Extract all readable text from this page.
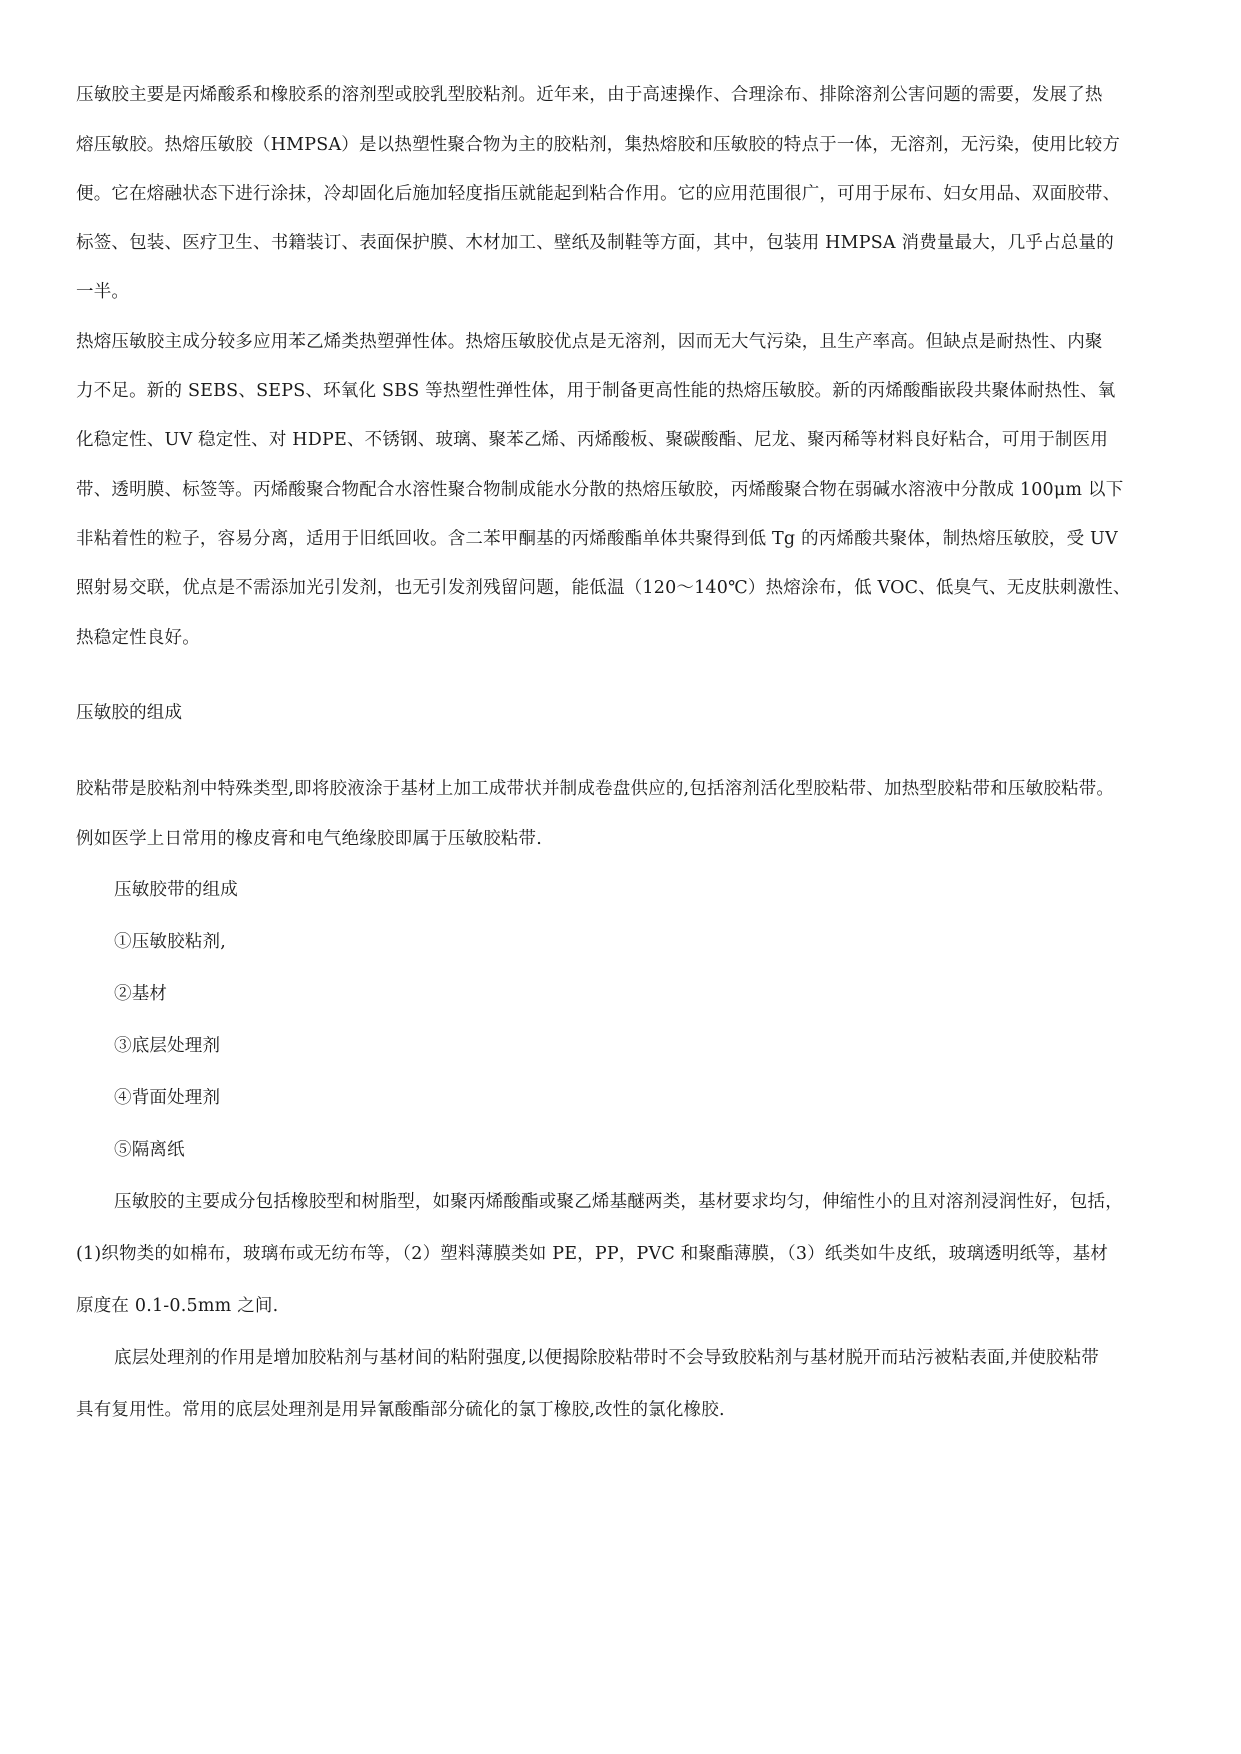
压敏胶主要是丙烯酸系和橡胶系的溶剂型或胶乳型胶粘剂。近年来，由于高速操作、合理涂布、排除溶剂公害问题的需要，发展了热
熔压敏胶。热熔压敏胶（HMPSA）是以热塑性聚合物为主的胶粘剂，集热熔胶和压敏胶的特点于一体，无溶剂，无污染，使用比较方
便。它在熔融状态下进行涂抹，冷却固化后施加轻度指压就能起到粘合作用。它的应用范围很广，可用于尿布、妇女用品、双面胶带、
标签、包装、医疗卫生、书籍装订、表面保护膜、木材加工、壁纸及制鞋等方面，其中，包装用 HMPSA 消费量最大，几乎占总量的
一半。
热熔压敏胶主成分较多应用苯乙烯类热塑弹性体。热熔压敏胶优点是无溶剂，因而无大气污染，且生产率高。但缺点是耐热性、内聚
力不足。新的 SEBS、SEPS、环氧化 SBS 等热塑性弹性体，用于制备更高性能的热熔压敏胶。新的丙烯酸酯嵌段共聚体耐热性、氧
化稳定性、UV 稳定性、对 HDPE、不锈钢、玻璃、聚苯乙烯、丙烯酸板、聚碳酸酯、尼龙、聚丙稀等材料良好粘合，可用于制医用
带、透明膜、标签等。丙烯酸聚合物配合水溶性聚合物制成能水分散的热熔压敏胶，丙烯酸聚合物在弱碱水溶液中分散成 100μm 以下
非粘着性的粒子，容易分离，适用于旧纸回收。含二苯甲酮基的丙烯酸酯单体共聚得到低 Tg 的丙烯酸共聚体，制热熔压敏胶，受 UV
照射易交联，优点是不需添加光引发剂，也无引发剂残留问题，能低温（120～140℃）热熔涂布，低 VOC、低臭气、无皮肤刺激性、
热稳定性良好。
压敏胶的组成
胶粘带是胶粘剂中特殊类型,即将胶液涂于基材上加工成带状并制成卷盘供应的,包括溶剂活化型胶粘带、加热型胶粘带和压敏胶粘带。
例如医学上日常用的橡皮膏和电气绝缘胶即属于压敏胶粘带.
压敏胶带的组成
①压敏胶粘剂,
②基材
③底层处理剂
④背面处理剂
⑤隔离纸
压敏胶的主要成分包括橡胶型和树脂型，如聚丙烯酸酯或聚乙烯基醚两类，基材要求均匀，伸缩性小的且对溶剂浸润性好，包括，
(1)织物类的如棉布，玻璃布或无纺布等，（2）塑料薄膜类如 PE，PP，PVC 和聚酯薄膜，（3）纸类如牛皮纸，玻璃透明纸等，基材
原度在 0.1-0.5mm 之间.
底层处理剂的作用是增加胶粘剂与基材间的粘附强度,以便揭除胶粘带时不会导致胶粘剂与基材脱开而玷污被粘表面,并使胶粘带
具有复用性。常用的底层处理剂是用异氰酸酯部分硫化的氯丁橡胶,改性的氯化橡胶.
